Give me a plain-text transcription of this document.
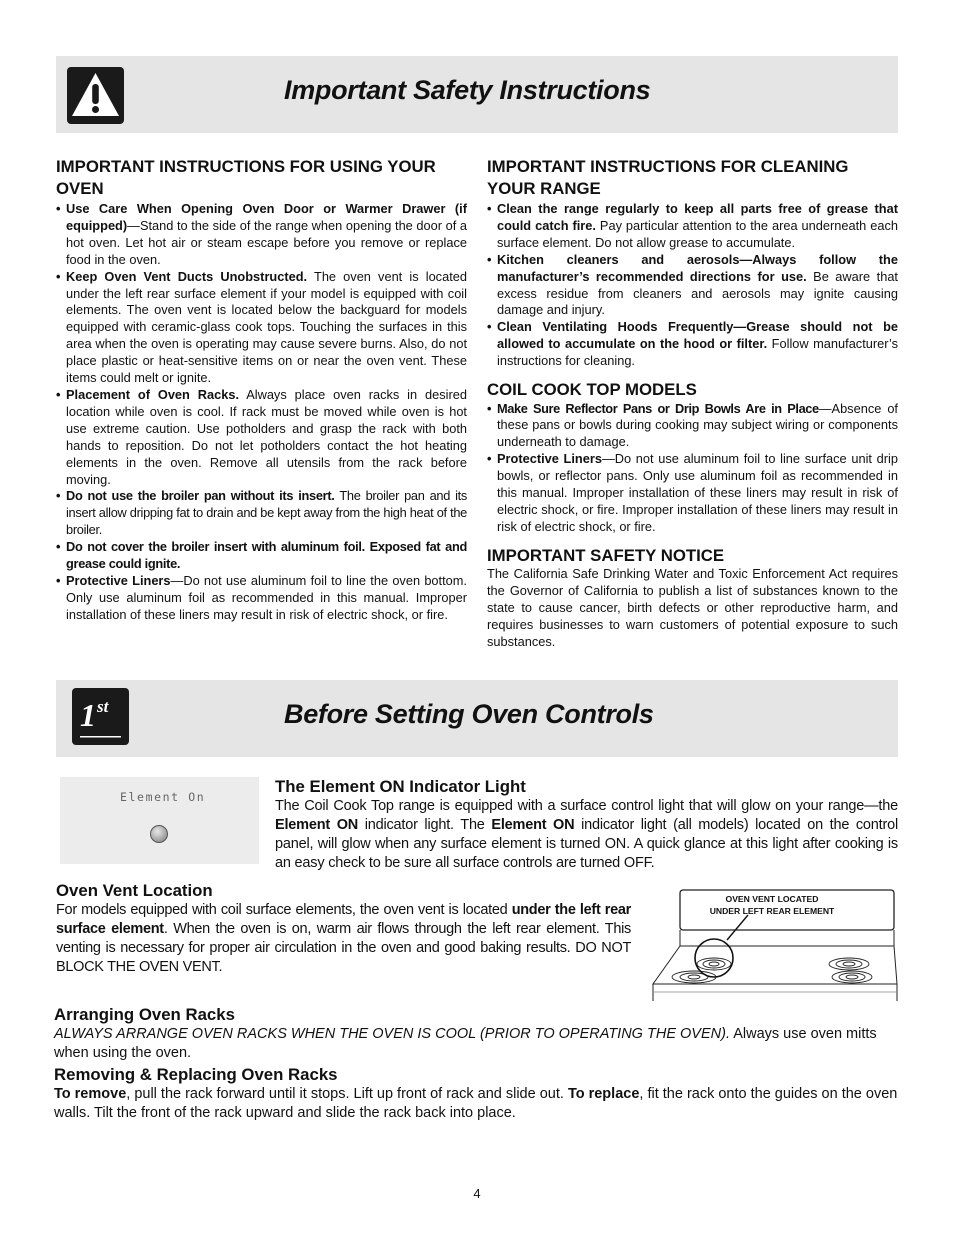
Important Safety Instructions
IMPORTANT INSTRUCTIONS FOR USING YOUR OVEN
• Use Care When Opening Oven Door or Warmer Drawer (if equipped)—Stand to the side of the range when opening the door of a hot oven. Let hot air or steam escape before you remove or replace food in the oven.
• Keep Oven Vent Ducts Unobstructed. The oven vent is located under the left rear surface element if your model is equipped with coil elements. The oven vent is located below the backguard for models equipped with ceramic-glass cook tops. Touching the surfaces in this area when the oven is operating may cause severe burns. Also, do not place plastic or heat-sensitive items on or near the oven vent. These items could melt or ignite.
• Placement of Oven Racks. Always place oven racks in desired location while oven is cool. If rack must be moved while oven is hot use extreme caution. Use potholders and grasp the rack with both hands to reposition. Do not let potholders contact the hot heating elements in the oven. Remove all utensils from the rack before moving.
• Do not use the broiler pan without its insert. The broiler pan and its insert allow dripping fat to drain and be kept away from the high heat of the broiler.
• Do not cover the broiler insert with aluminum foil. Exposed fat and grease could ignite.
• Protective Liners—Do not use aluminum foil to line the oven bottom. Only use aluminum foil as recommended in this manual. Improper installation of these liners may result in risk of electric shock, or fire.
IMPORTANT INSTRUCTIONS FOR CLEANING YOUR RANGE
• Clean the range regularly to keep all parts free of grease that could catch fire. Pay particular attention to the area underneath each surface element. Do not allow grease to accumulate.
• Kitchen cleaners and aerosols—Always follow the manufacturer’s recommended directions for use. Be aware that excess residue from cleaners and aerosols may ignite causing damage and injury.
• Clean Ventilating Hoods Frequently—Grease should not be allowed to accumulate on the hood or filter. Follow manufacturer’s instructions for cleaning.
COIL COOK TOP MODELS
• Make Sure Reflector Pans or Drip Bowls Are in Place—Absence of these pans or bowls during cooking may subject wiring or components underneath to damage.
• Protective Liners—Do not use aluminum foil to line surface unit drip bowls, or reflector pans. Only use aluminum foil as recommended in this manual. Improper installation of these liners may result in risk of electric shock, or fire. Improper installation of these liners may result in risk of electric shock, or fire.
IMPORTANT SAFETY NOTICE

The California Safe Drinking Water and Toxic Enforcement Act requires the Governor of California to publish a list of substances known to the state to cause cancer, birth defects or other reproductive harm, and requires businesses to warn customers of potential exposure to such substances.

1 st	Before Setting Oven Controls
Element On
The Element ON Indicator Light

The Coil Cook Top range is equipped with a surface control light that will glow on your range—the Element ON indicator light. The Element ON indicator light (all models) located on the control panel, will glow when any surface element is turned ON. A quick glance at this light after cooking is an easy check to be sure all surface controls are turned OFF.

Oven Vent Location

For models equipped with coil surface elements, the oven vent is located under the left rear surface element. When the oven is on, warm air flows through the left rear element. This venting is necessary for proper air circulation in the oven and good baking results. DO NOT BLOCK THE OVEN VENT.

OVEN VENT LOCATED
UNDER LEFT REAR ELEMENT
Arranging Oven Racks

ALWAYS ARRANGE OVEN RACKS WHEN THE OVEN IS COOL (PRIOR TO OPERATING THE OVEN). Always use oven mitts when using the oven.

Removing & Replacing Oven Racks

To remove, pull the rack forward until it stops. Lift up front of rack and slide out. To replace, fit the rack onto the guides on the oven walls. Tilt the front of the rack upward and slide the rack back into place.

4
